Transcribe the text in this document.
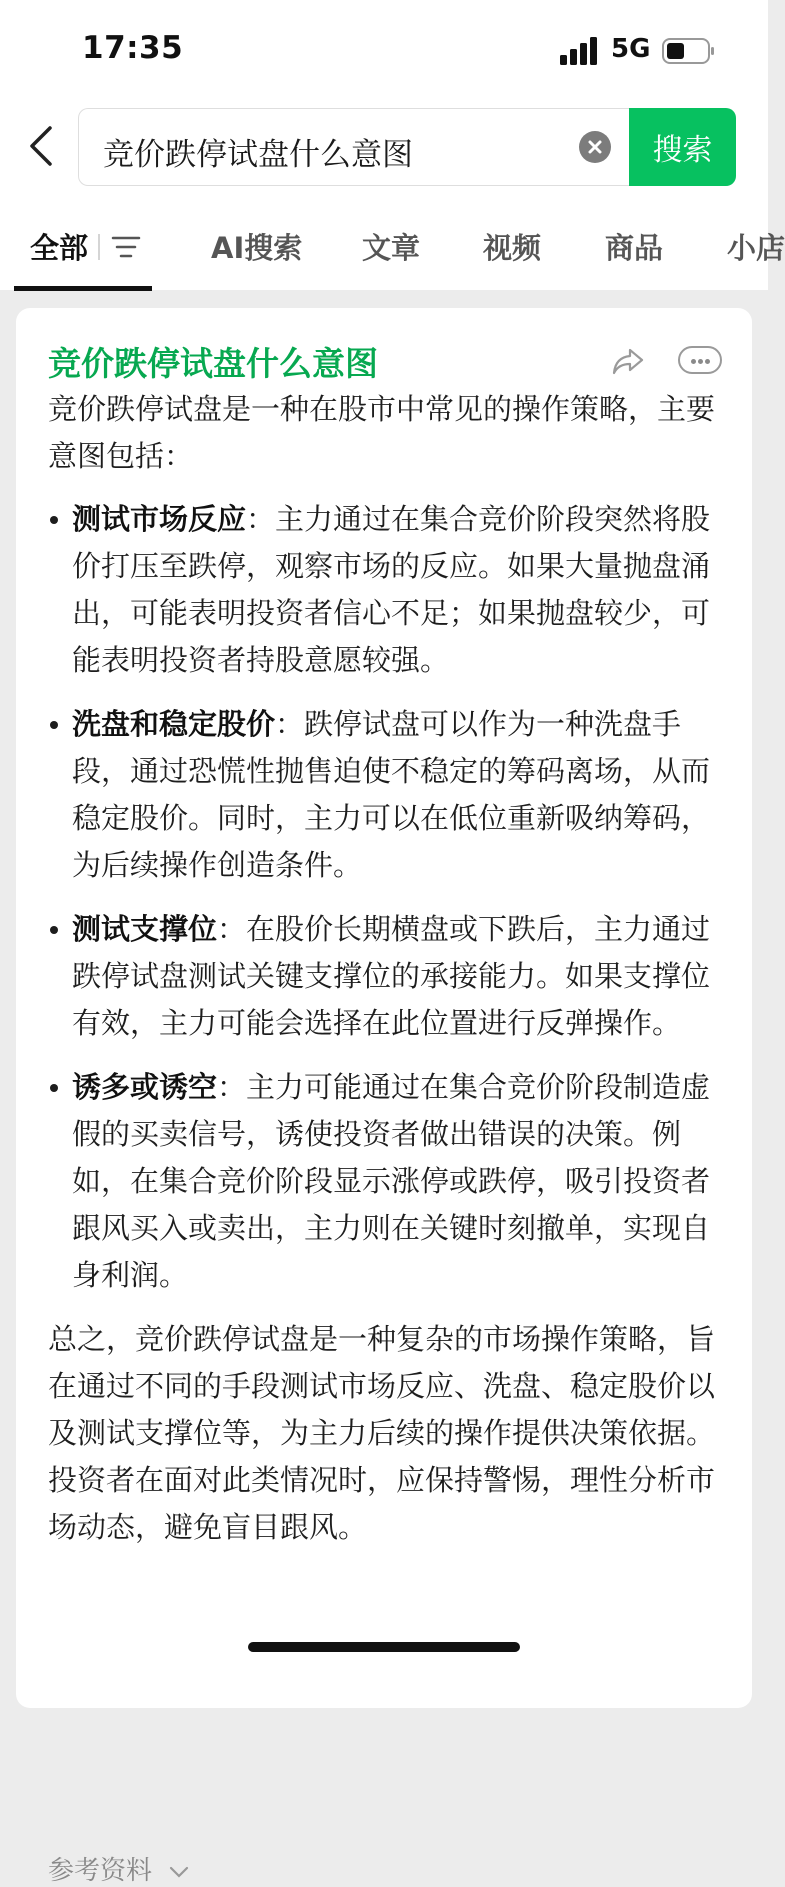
17:35	5G
竞价跌停试盘什么意图	搜索
全部	AI搜索 文章 视频 商品 小店
竞价跌停试盘什么意图

竞价跌停试盘是一种在股市中常见的操作策略，主要意图包括：

测试市场反应：主力通过在集合竞价阶段突然将股价打压至跌停，观察市场的反应。如果大量抛盘涌出，可能表明投资者信心不足；如果抛盘较少，可能表明投资者持股意愿较强。
洗盘和稳定股价：跌停试盘可以作为一种洗盘手段，通过恐慌性抛售迫使不稳定的筹码离场，从而稳定股价。同时，主力可以在低位重新吸纳筹码，为后续操作创造条件。
测试支撑位：在股价长期横盘或下跌后，主力通过跌停试盘测试关键支撑位的承接能力。如果支撑位有效，主力可能会选择在此位置进行反弹操作。
诱多或诱空：主力可能通过在集合竞价阶段制造虚假的买卖信号，诱使投资者做出错误的决策。例如，在集合竞价阶段显示涨停或跌停，吸引投资者跟风买入或卖出，主力则在关键时刻撤单，实现自身利润。

总之，竞价跌停试盘是一种复杂的市场操作策略，旨在通过不同的手段测试市场反应、洗盘、稳定股价以及测试支撑位等，为主力后续的操作提供决策依据。投资者在面对此类情况时，应保持警惕，理性分析市场动态，避免盲目跟风。

参考资料
